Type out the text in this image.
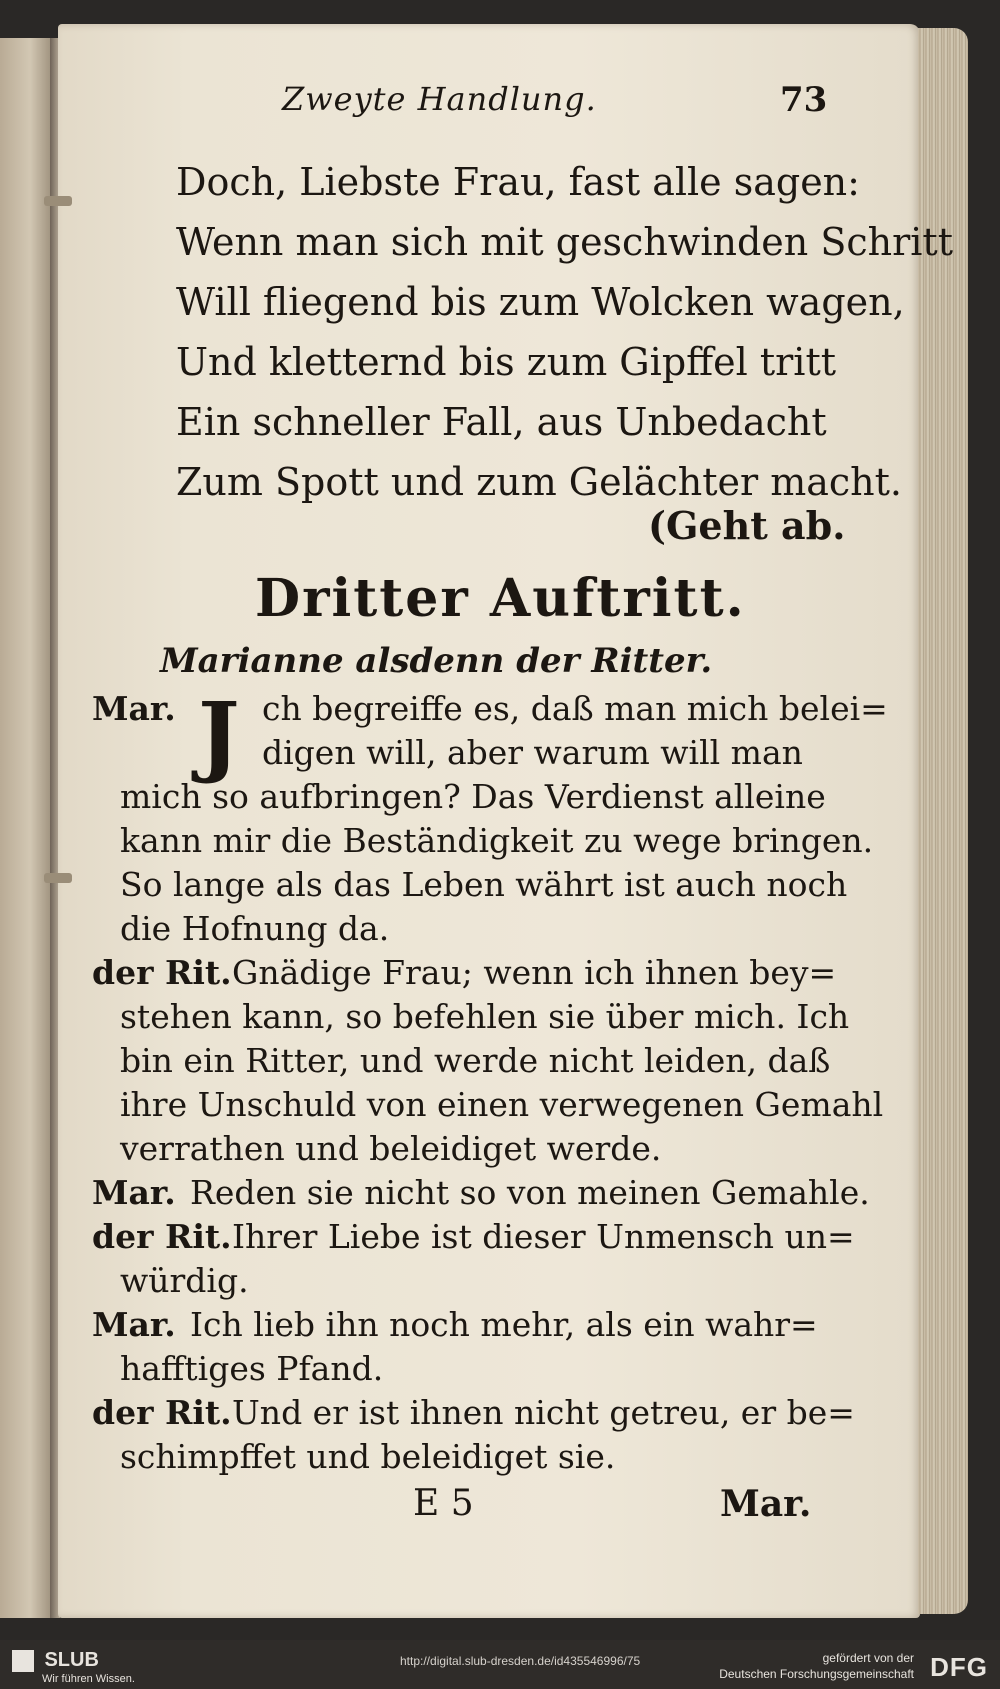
Zweyte Handlung.	73
Doch, Liebste Frau, fast alle sagen:
Wenn man sich mit geschwinden Schritt
Will fliegend bis zum Wolcken wagen,
Und kletternd bis zum Gipffel tritt
Ein schneller Fall, aus Unbedacht
Zum Spott und zum Gelächter macht.
(Geht ab.
Dritter Auftritt.
Marianne alsdenn der Ritter.
Mar. J ch begreiffe es, daß man mich belei=
digen will, aber warum will man
mich so aufbringen? Das Verdienst alleine
kann mir die Beständigkeit zu wege bringen.
So lange als das Leben währt ist auch noch
die Hofnung da.
der Rit. Gnädige Frau; wenn ich ihnen bey=
stehen kann, so befehlen sie über mich. Ich
bin ein Ritter, und werde nicht leiden, daß
ihre Unschuld von einen verwegenen Gemahl
verrathen und beleidiget werde.
Mar. Reden sie nicht so von meinen Gemahle.
der Rit. Ihrer Liebe ist dieser Unmensch un=
würdig.
Mar. Ich lieb ihn noch mehr, als ein wahr=
hafftiges Pfand.
der Rit. Und er ist ihnen nicht getreu, er be=
schimpffet und beleidiget sie.
E 5	Mar.
SLUB
Wir führen Wissen.
http://digital.slub-dresden.de/id435546996/75	gefördert von der
Deutschen Forschungsgemeinschaft DFG
